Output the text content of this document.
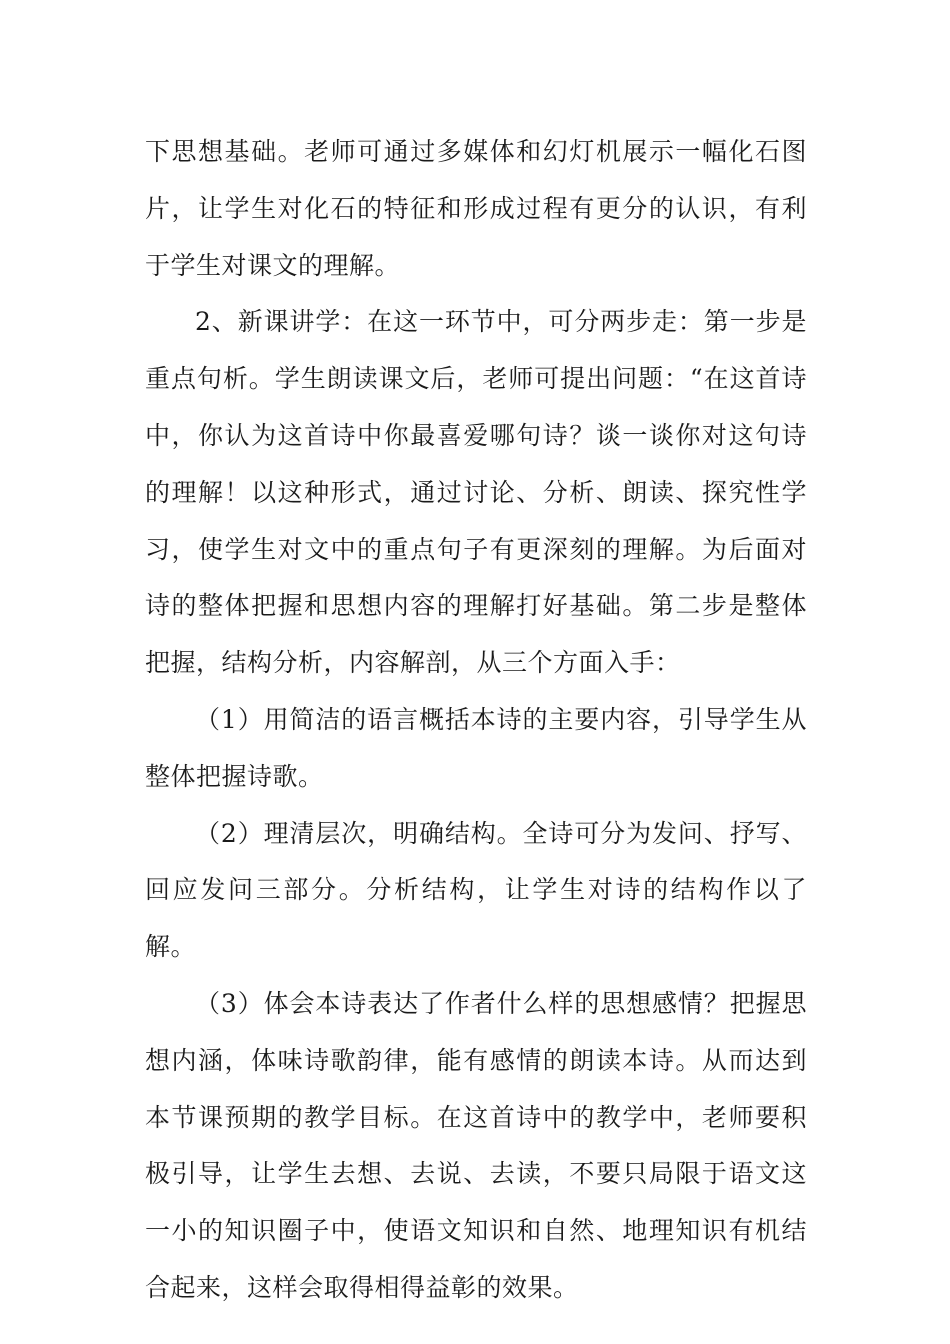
下思想基础。老师可通过多媒体和幻灯机展示一幅化石图片，让学生对化石的特征和形成过程有更分的认识，有利于学生对课文的理解。

2、新课讲学：在这一环节中，可分两步走：第一步是重点句析。学生朗读课文后，老师可提出问题：“在这首诗中，你认为这首诗中你最喜爱哪句诗？谈一谈你对这句诗的理解！以这种形式，通过讨论、分析、朗读、探究性学习，使学生对文中的重点句子有更深刻的理解。为后面对诗的整体把握和思想内容的理解打好基础。第二步是整体把握，结构分析，内容解剖，从三个方面入手：

（1）用简洁的语言概括本诗的主要内容，引导学生从整体把握诗歌。

（2）理清层次，明确结构。全诗可分为发问、抒写、回应发问三部分。分析结构，让学生对诗的结构作以了解。

（3）体会本诗表达了作者什么样的思想感情？把握思想内涵，体味诗歌韵律，能有感情的朗读本诗。从而达到本节课预期的教学目标。在这首诗中的教学中，老师要积极引导，让学生去想、去说、去读，不要只局限于语文这一小的知识圈子中，使语文知识和自然、地理知识有机结合起来，这样会取得相得益彰的效果。
